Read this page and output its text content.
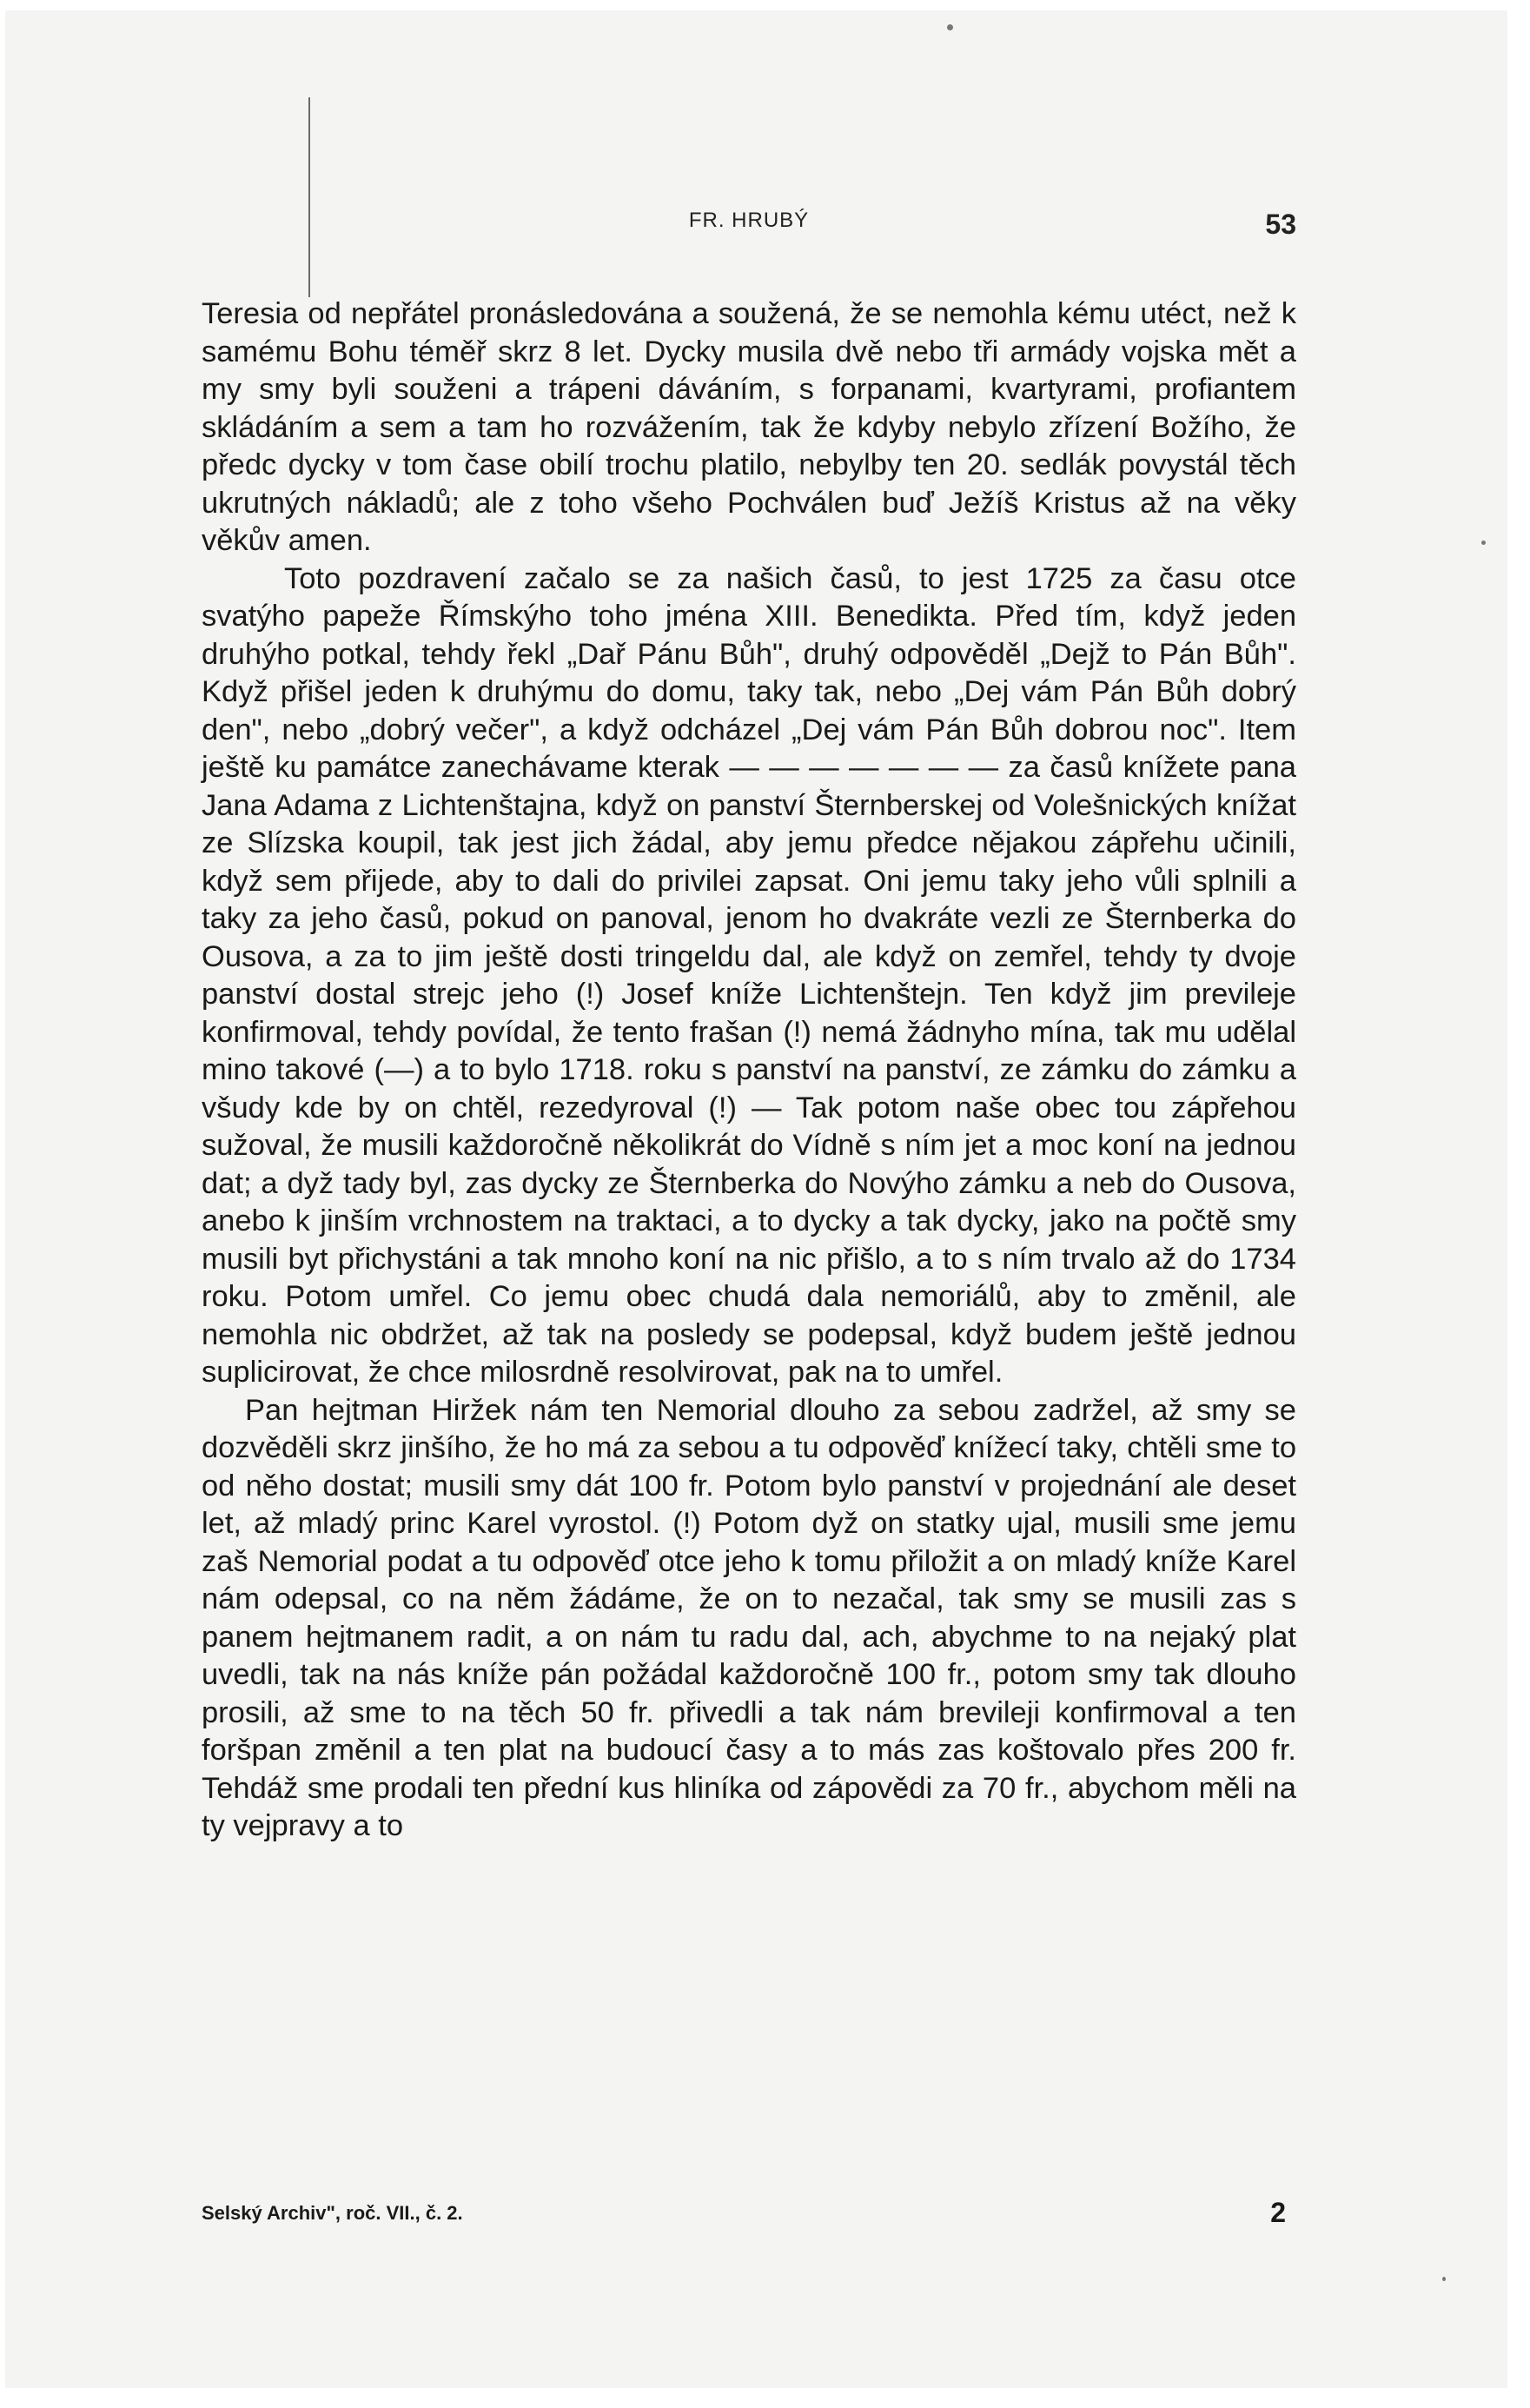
FR. HRUBÝ	53

Teresia od nepřátel pronásledována a soužená, že se nemohla kému utéct, než k samému Bohu téměř skrz 8 let. Dycky musila dvě nebo tři armády vojska mět a my smy byli souženi a trápeni dáváním, s forpanami, kvartyrami, profiantem skládáním a sem a tam ho rozvážením, tak že kdyby nebylo zřízení Božího, že předc dycky v tom čase obilí trochu platilo, nebylby ten 20. sedlák povystál těch ukrutných nákladů; ale z toho všeho Pochválen buď Ježíš Kristus až na věky věkův amen.

Toto pozdravení začalo se za našich časů, to jest 1725 za času otce svatýho papeže Římskýho toho jména XIII. Benedikta. Před tím, když jeden druhýho potkal, tehdy řekl „Dař Pánu Bůh", druhý odpověděl „Dejž to Pán Bůh". Když přišel jeden k druhýmu do domu, taky tak, nebo „Dej vám Pán Bůh dobrý den", nebo „dobrý večer", a když odcházel „Dej vám Pán Bůh dobrou noc". Item ještě ku památce zanechávame kterak — — — — — — — za časů knížete pana Jana Adama z Lichtenštajna, když on panství Šternberskej od Volešnických knížat ze Slízska koupil, tak jest jich žádal, aby jemu předce nějakou zápřehu učinili, když sem přijede, aby to dali do privilei zapsat. Oni jemu taky jeho vůli splnili a taky za jeho časů, pokud on panoval, jenom ho dvakráte vezli ze Šternberka do Ousova, a za to jim ještě dosti tringeldu dal, ale když on zemřel, tehdy ty dvoje panství dostal strejc jeho (!) Josef kníže Lichtenštejn. Ten když jim previleje konfirmoval, tehdy povídal, že tento frašan (!) nemá žádnyho mína, tak mu udělal mino takové (—) a to bylo 1718. roku s panství na panství, ze zámku do zámku a všudy kde by on chtěl, rezedyroval (!) — Tak potom naše obec tou zápřehou sužoval, že musili každoročně několikrát do Vídně s ním jet a moc koní na jednou dat; a dyž tady byl, zas dycky ze Šternberka do Novýho zámku a neb do Ousova, anebo k jinším vrchnostem na traktaci, a to dycky a tak dycky, jako na počtě smy musili byt přichystáni a tak mnoho koní na nic přišlo, a to s ním trvalo až do 1734 roku. Potom umřel. Co jemu obec chudá dala nemoriálů, aby to změnil, ale nemohla nic obdržet, až tak na posledy se podepsal, když budem ještě jednou suplicirovat, že chce milosrdně resolvirovat, pak na to umřel.

Pan hejtman Hiržek nám ten Nemorial dlouho za sebou zadržel, až smy se dozvěděli skrz jinšího, že ho má za sebou a tu odpověď knížecí taky, chtěli sme to od něho dostat; musili smy dát 100 fr. Potom bylo panství v projednání ale deset let, až mladý princ Karel vyrostol. (!) Potom dyž on statky ujal, musili sme jemu zaš Nemorial podat a tu odpověď otce jeho k tomu přiložit a on mladý kníže Karel nám odepsal, co na něm žádáme, že on to nezačal, tak smy se musili zas s panem hejtmanem radit, a on nám tu radu dal, ach, abychme to na nejaký plat uvedli, tak na nás kníže pán požádal každoročně 100 fr., potom smy tak dlouho prosili, až sme to na těch 50 fr. přivedli a tak nám brevileji konfirmoval a ten foršpan změnil a ten plat na budoucí časy a to más zas koštovalo přes 200 fr. Tehdáž sme prodali ten přední kus hliníka od zápovědi za 70 fr., abychom měli na ty vejpravy a to

Selský Archiv", roč. VII., č. 2.	2
